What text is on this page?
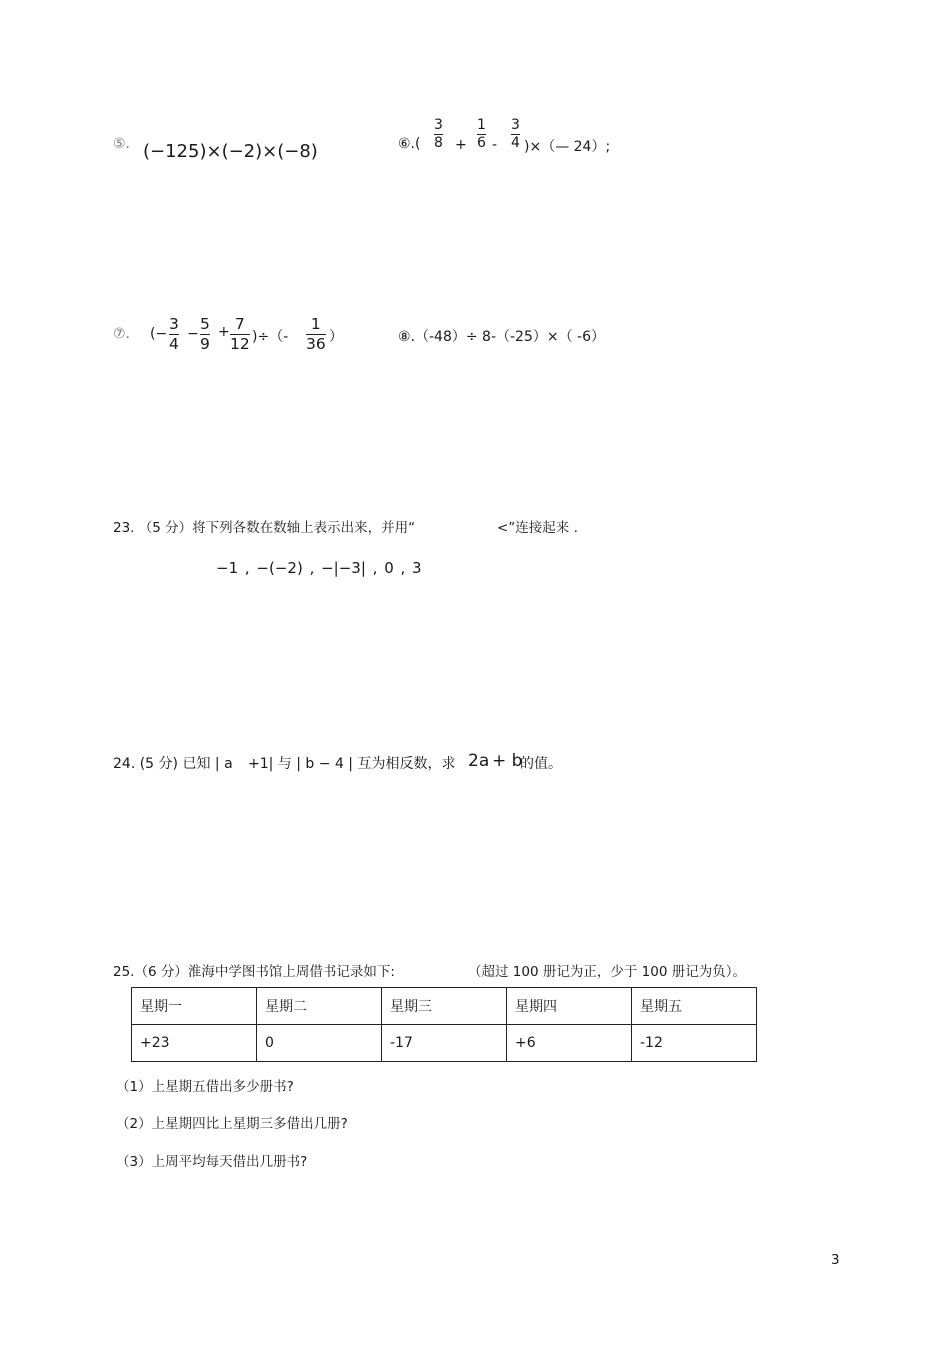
⑤. (−125)×(−2)×(−8)	⑥.(
3
8 +
1
6 -
3
4 )×（— 24）;
⑦. (−
3
4
−
5
9
+ 7
12 )÷（-
1
36 ）	⑧.（-48）÷ 8-（-25）×（ -6）
23. （5 分）将下列各数在数轴上表示出来，并用“	<”连接起来 .
−1 , −(−2) , −|−3| , 0 , 3
24. (5 分) 已知 | a +1| 与 | b − 4 | 互为相反数，求 2a + b
的值。
25.（6 分）淮海中学图书馆上周借书记录如下:	（超过 100 册记为正，少于 100 册记为负）。
星期一	星期二	星期三	星期四	星期五
+23	0	-17	+6	-12
（1）上星期五借出多少册书?
（2）上星期四比上星期三多借出几册?
（3）上周平均每天借出几册书?
3
